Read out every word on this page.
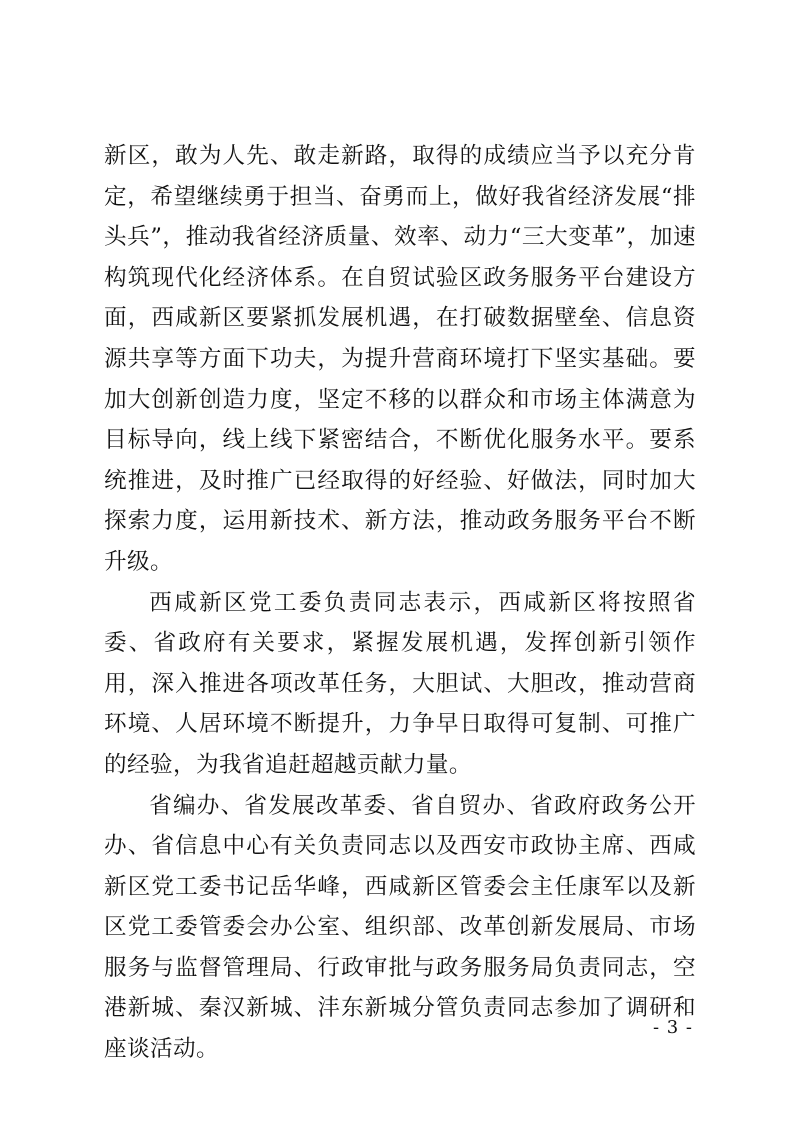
新区，敢为人先、敢走新路，取得的成绩应当予以充分肯定，希望继续勇于担当、奋勇而上，做好我省经济发展“排头兵”，推动我省经济质量、效率、动力“三大变革”，加速构筑现代化经济体系。在自贸试验区政务服务平台建设方面，西咸新区要紧抓发展机遇，在打破数据壁垒、信息资源共享等方面下功夫，为提升营商环境打下坚实基础。要加大创新创造力度，坚定不移的以群众和市场主体满意为目标导向，线上线下紧密结合，不断优化服务水平。要系统推进，及时推广已经取得的好经验、好做法，同时加大探索力度，运用新技术、新方法，推动政务服务平台不断升级。

西咸新区党工委负责同志表示，西咸新区将按照省委、省政府有关要求，紧握发展机遇，发挥创新引领作用，深入推进各项改革任务，大胆试、大胆改，推动营商环境、人居环境不断提升，力争早日取得可复制、可推广的经验，为我省追赶超越贡献力量。

省编办、省发展改革委、省自贸办、省政府政务公开办、省信息中心有关负责同志以及西安市政协主席、西咸新区党工委书记岳华峰，西咸新区管委会主任康军以及新区党工委管委会办公室、组织部、改革创新发展局、市场服务与监督管理局、行政审批与政务服务局负责同志，空港新城、秦汉新城、沣东新城分管负责同志参加了调研和座谈活动。

- 3 -
